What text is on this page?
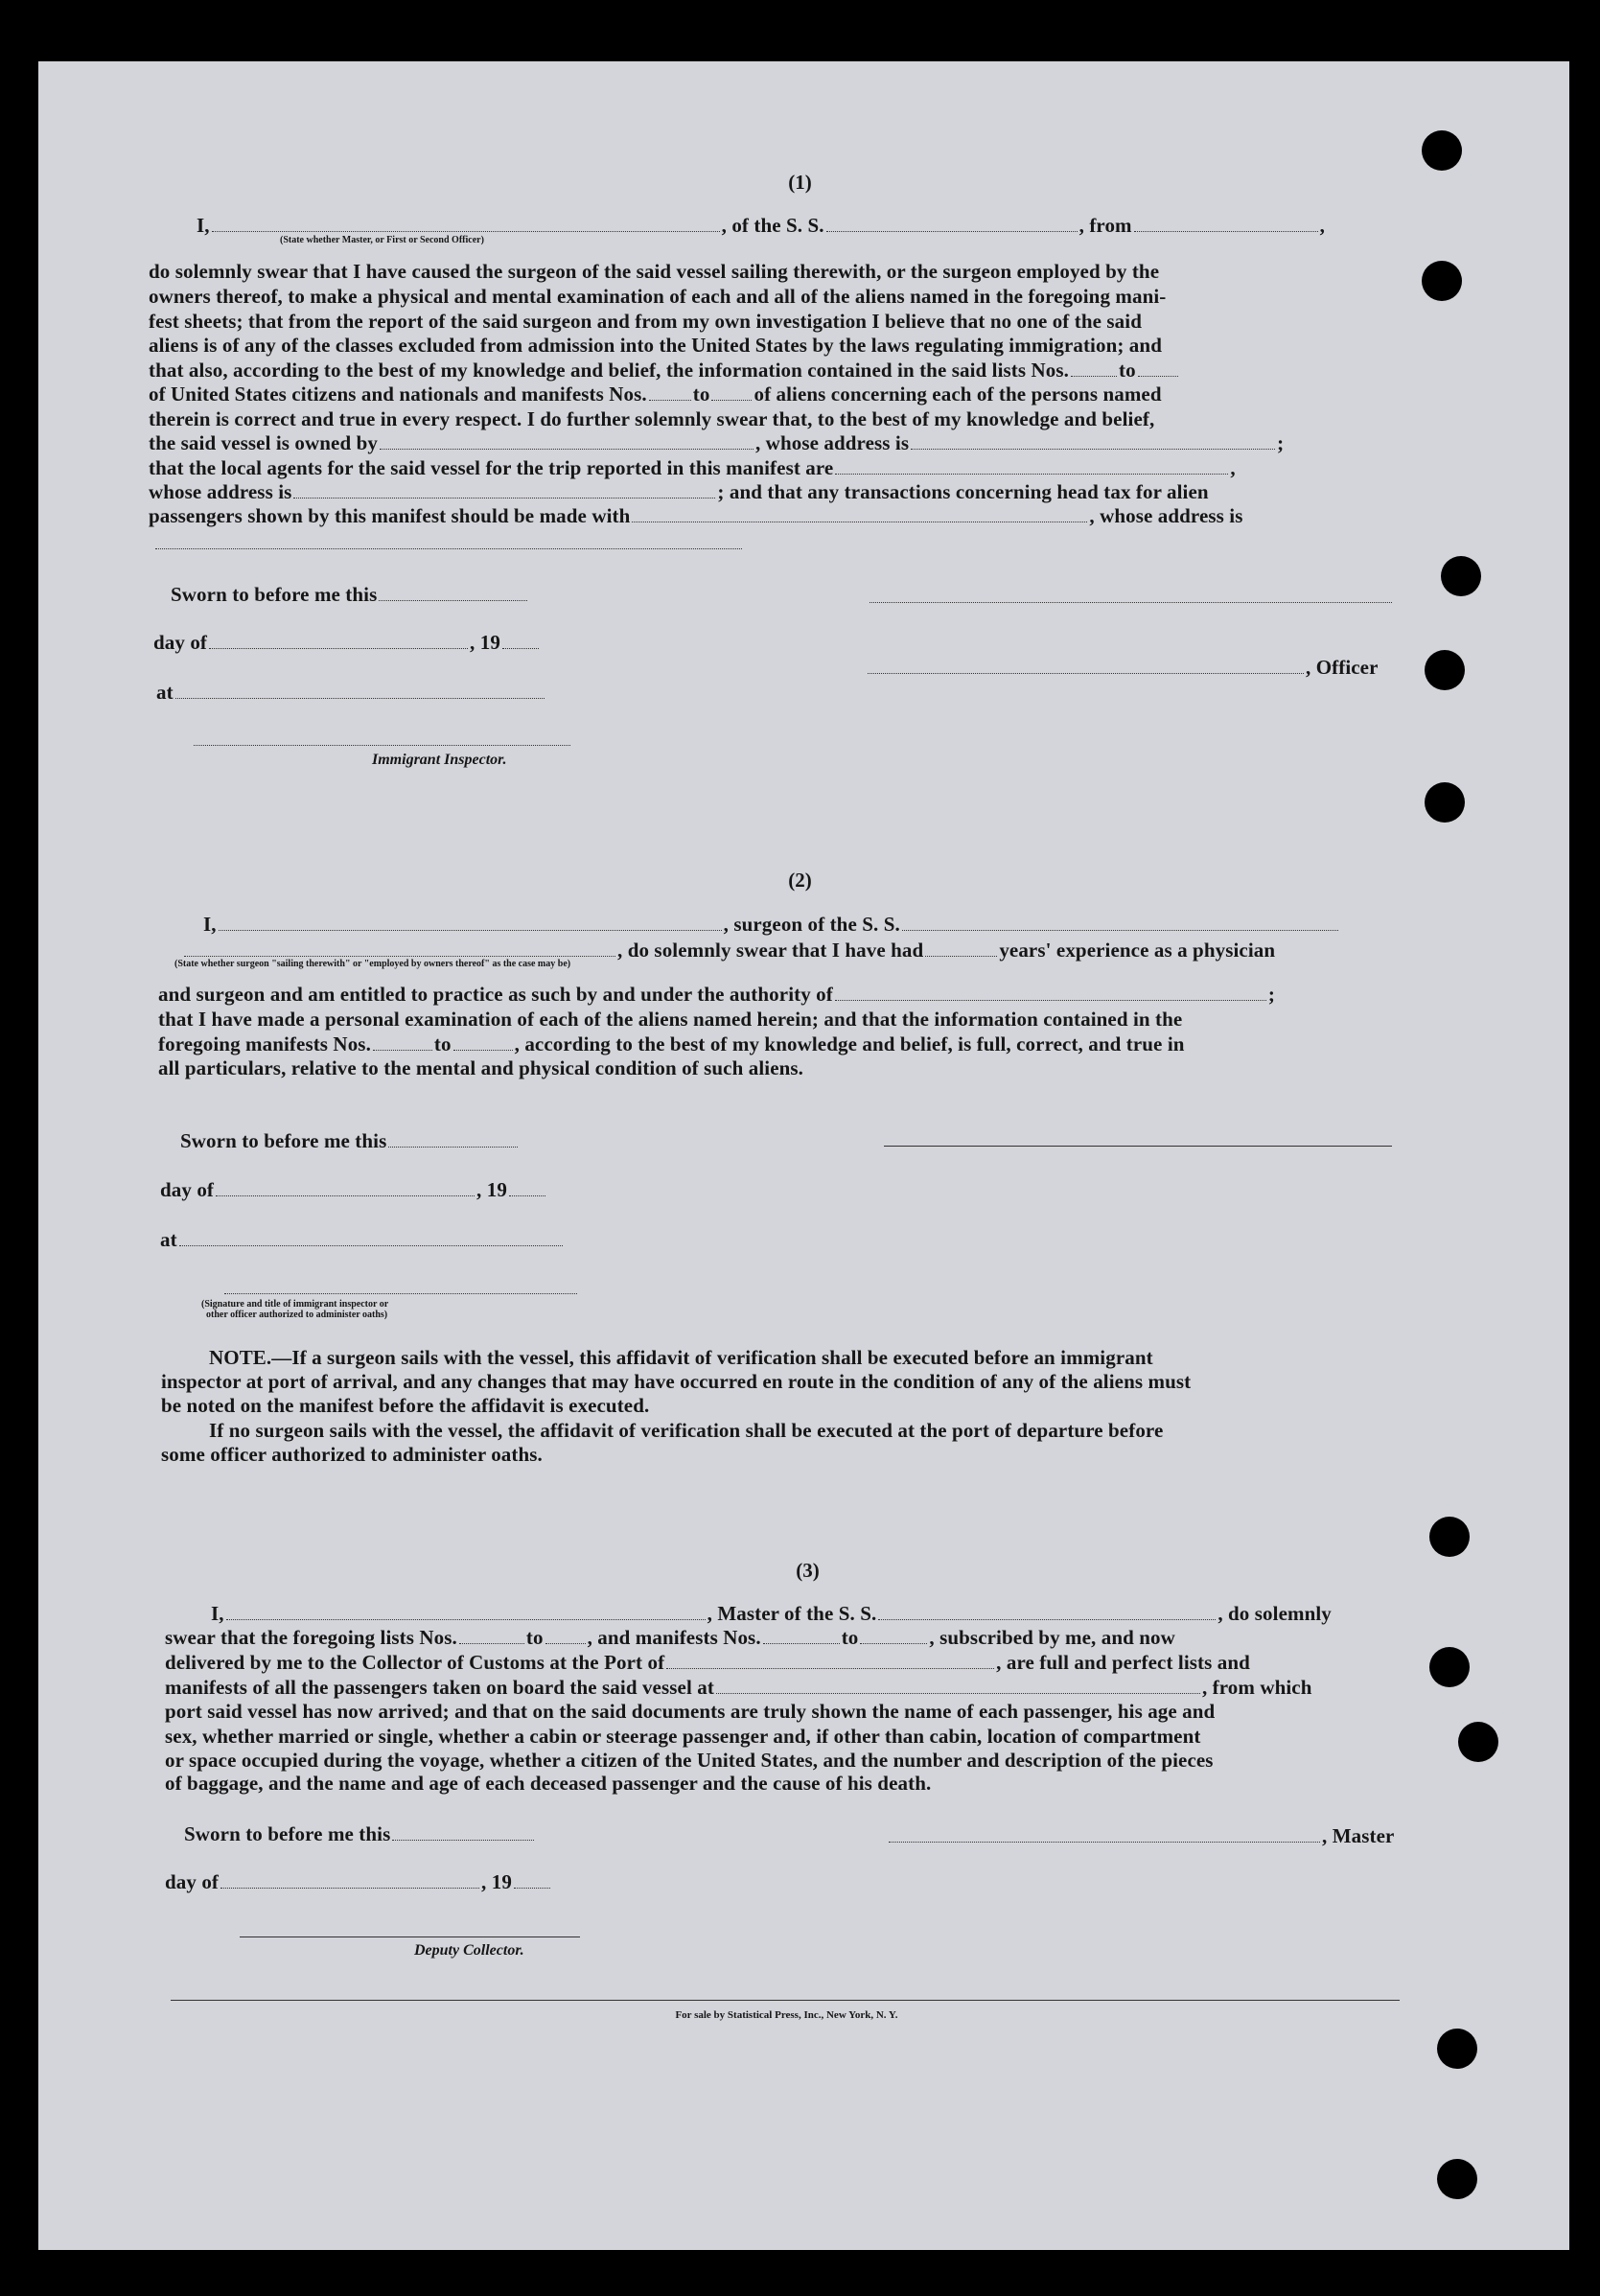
(1)
I,	, of the S. S.	, from	,
(State whether Master, or First or Second Officer)
do solemnly swear that I have caused the surgeon of the said vessel sailing therewith, or the surgeon employed by the
owners thereof, to make a physical and mental examination of each and all of the aliens named in the foregoing mani-
fest sheets; that from the report of the said surgeon and from my own investigation I believe that no one of the said
aliens is of any of the classes excluded from admission into the United States by the laws regulating immigration; and
that also, according to the best of my knowledge and belief, the information contained in the said lists Nos. to
of United States citizens and nationals and manifests Nos. to of aliens concerning each of the persons named
therein is correct and true in every respect. I do further solemnly swear that, to the best of my knowledge and belief,
the said vessel is owned by	, whose address is	;
that the local agents for the said vessel for the trip reported in this manifest are	,
whose address is	; and that any transactions concerning head tax for alien
passengers shown by this manifest should be made with	, whose address is
Sworn to before me this
day of	, 19
, Officer
at
Immigrant Inspector.
(2)
I,	, surgeon of the S. S.
, do solemnly swear that I have had	years' experience as a physician
(State whether surgeon "sailing therewith" or "employed by owners thereof" as the case may be)
and surgeon and am entitled to practice as such by and under the authority of	;
that I have made a personal examination of each of the aliens named herein; and that the information contained in the
foregoing manifests Nos.	to	, according to the best of my knowledge and belief, is full, correct, and true in
all particulars, relative to the mental and physical condition of such aliens.
Sworn to before me this
day of	, 19
at
(Signature and title of immigrant inspector or
other officer authorized to administer oaths)
NOTE.—If a surgeon sails with the vessel, this affidavit of verification shall be executed before an immigrant
inspector at port of arrival, and any changes that may have occurred en route in the condition of any of the aliens must
be noted on the manifest before the affidavit is executed.
If no surgeon sails with the vessel, the affidavit of verification shall be executed at the port of departure before
some officer authorized to administer oaths.
(3)
I,	, Master of the S. S.	, do solemnly
swear that the foregoing lists Nos.	to , and manifests Nos.	to	, subscribed by me, and now
delivered by me to the Collector of Customs at the Port of	, are full and perfect lists and
manifests of all the passengers taken on board the said vessel at	, from which
port said vessel has now arrived; and that on the said documents are truly shown the name of each passenger, his age and
sex, whether married or single, whether a cabin or steerage passenger and, if other than cabin, location of compartment
or space occupied during the voyage, whether a citizen of the United States, and the number and description of the pieces
of baggage, and the name and age of each deceased passenger and the cause of his death.
Sworn to before me this	, Master
day of	, 19
Deputy Collector.
For sale by Statistical Press, Inc., New York, N. Y.
